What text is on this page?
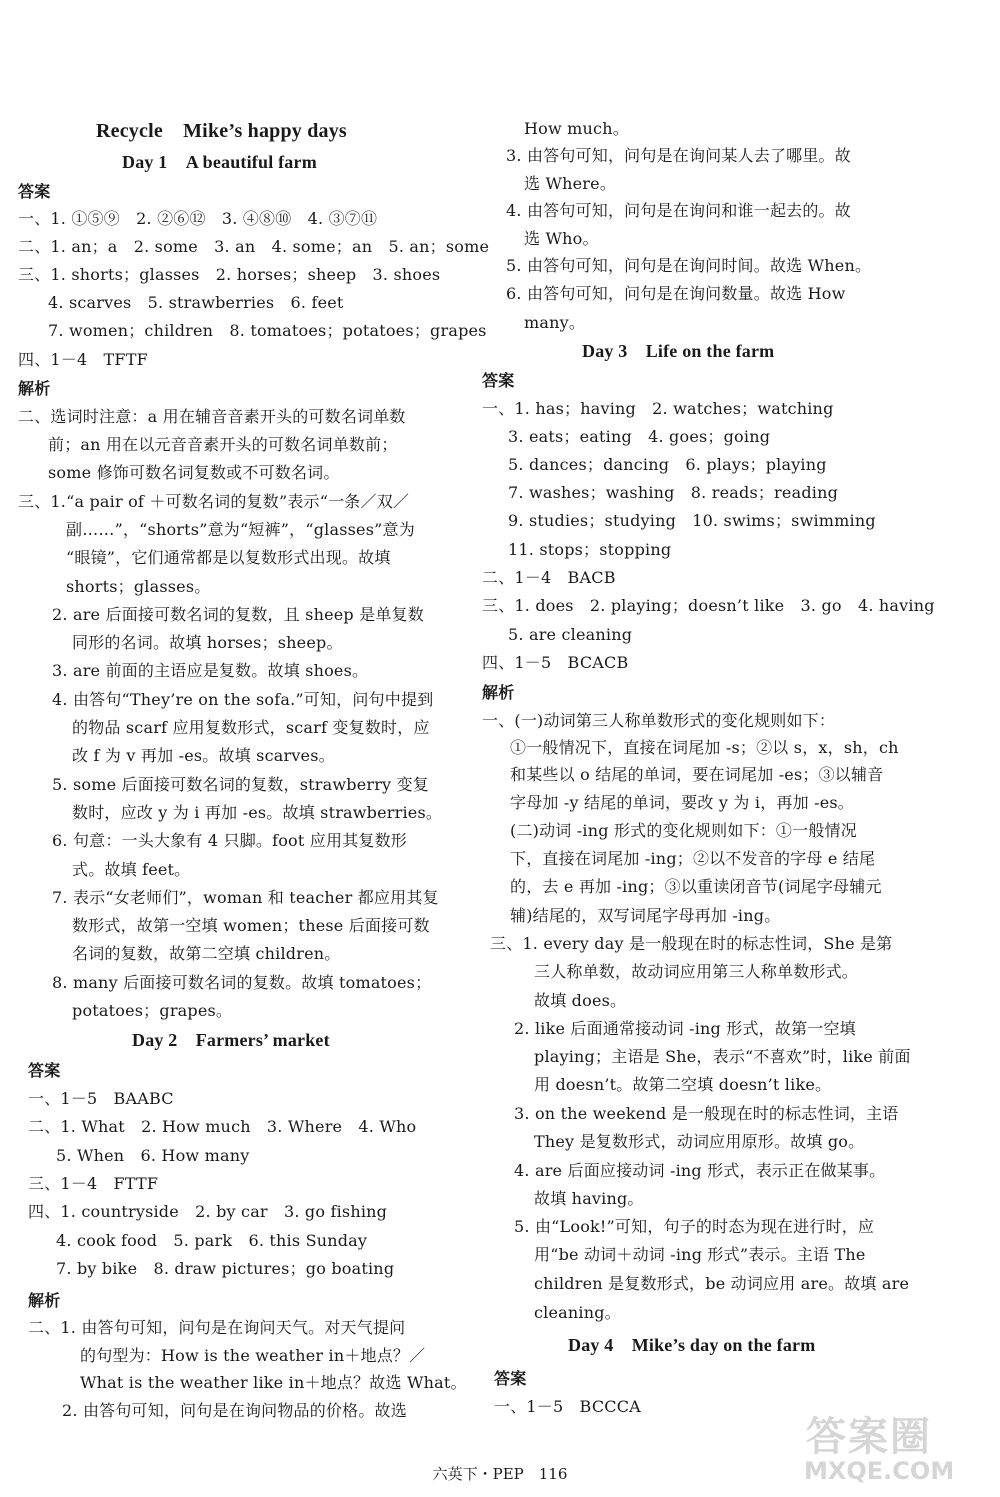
Recycle　Mike’s happy days
Day 1　A beautiful farm
答案
一、1. ①⑤⑨　2. ②⑥⑫　3. ④⑧⑩　4. ③⑦⑪
二、1. an；a　2. some　3. an　4. some；an　5. an；some
三、1. shorts；glasses　2. horses；sheep　3. shoes
4. scarves　5. strawberries　6. feet
7. women；children　8. tomatoes；potatoes；grapes
四、1－4　TFTF
解析
二、选词时注意：a 用在辅音音素开头的可数名词单数
前；an 用在以元音音素开头的可数名词单数前；
some 修饰可数名词复数或不可数名词。
三、1.“a pair of ＋可数名词的复数”表示“一条／双／
副……”，“shorts”意为“短裤”，“glasses”意为
“眼镜”，它们通常都是以复数形式出现。故填
shorts；glasses。
2. are 后面接可数名词的复数，且 sheep 是单复数
同形的名词。故填 horses；sheep。
3. are 前面的主语应是复数。故填 shoes。
4. 由答句“They’re on the sofa.”可知，问句中提到
的物品 scarf 应用复数形式，scarf 变复数时，应
改 f 为 v 再加 -es。故填 scarves。
5. some 后面接可数名词的复数，strawberry 变复
数时，应改 y 为 i 再加 -es。故填 strawberries。
6. 句意：一头大象有 4 只脚。foot 应用其复数形
式。故填 feet。
7. 表示“女老师们”，woman 和 teacher 都应用其复
数形式，故第一空填 women；these 后面接可数
名词的复数，故第二空填 children。
8. many 后面接可数名词的复数。故填 tomatoes；
potatoes；grapes。
Day 2　Farmers’ market
答案
一、1－5　BAABC
二、1. What　2. How much　3. Where　4. Who
5. When　6. How many
三、1－4　FTTF
四、1. countryside　2. by car　3. go fishing
4. cook food　5. park　6. this Sunday
7. by bike　8. draw pictures；go boating
解析
二、1. 由答句可知，问句是在询问天气。对天气提问
的句型为：How is the weather in＋地点？／
What is the weather like in＋地点？故选 What。
2. 由答句可知，问句是在询问物品的价格。故选
How much。
3. 由答句可知，问句是在询问某人去了哪里。故
选 Where。
4. 由答句可知，问句是在询问和谁一起去的。故
选 Who。
5. 由答句可知，问句是在询问时间。故选 When。
6. 由答句可知，问句是在询问数量。故选 How
many。
Day 3　Life on the farm
答案
一、1. has；having　2. watches；watching
3. eats；eating　4. goes；going
5. dances；dancing　6. plays；playing
7. washes；washing　8. reads；reading
9. studies；studying　10. swims；swimming
11. stops；stopping
二、1－4　BACB
三、1. does　2. playing；doesn’t like　3. go　4. having
5. are cleaning
四、1－5　BCACB
解析
一、(一)动词第三人称单数形式的变化规则如下：
①一般情况下，直接在词尾加 -s；②以 s，x，sh，ch
和某些以 o 结尾的单词，要在词尾加 -es；③以辅音
字母加 -y 结尾的单词，要改 y 为 i，再加 -es。
(二)动词 -ing 形式的变化规则如下：①一般情况
下，直接在词尾加 -ing；②以不发音的字母 e 结尾
的，去 e 再加 -ing；③以重读闭音节(词尾字母辅元
辅)结尾的，双写词尾字母再加 -ing。
三、1. every day 是一般现在时的标志性词，She 是第
三人称单数，故动词应用第三人称单数形式。
故填 does。
2. like 后面通常接动词 -ing 形式，故第一空填
playing；主语是 She，表示“不喜欢”时，like 前面
用 doesn’t。故第二空填 doesn’t like。
3. on the weekend 是一般现在时的标志性词，主语
They 是复数形式，动词应用原形。故填 go。
4. are 后面应接动词 -ing 形式，表示正在做某事。
故填 having。
5. 由“Look!”可知，句子的时态为现在进行时，应
用“be 动词＋动词 -ing 形式”表示。主语 The
children 是复数形式，be 动词应用 are。故填 are
cleaning。
Day 4　Mike’s day on the farm
答案
一、1－5　BCCCA
六英下・PEP　116
答案圈
MXQE.COM
